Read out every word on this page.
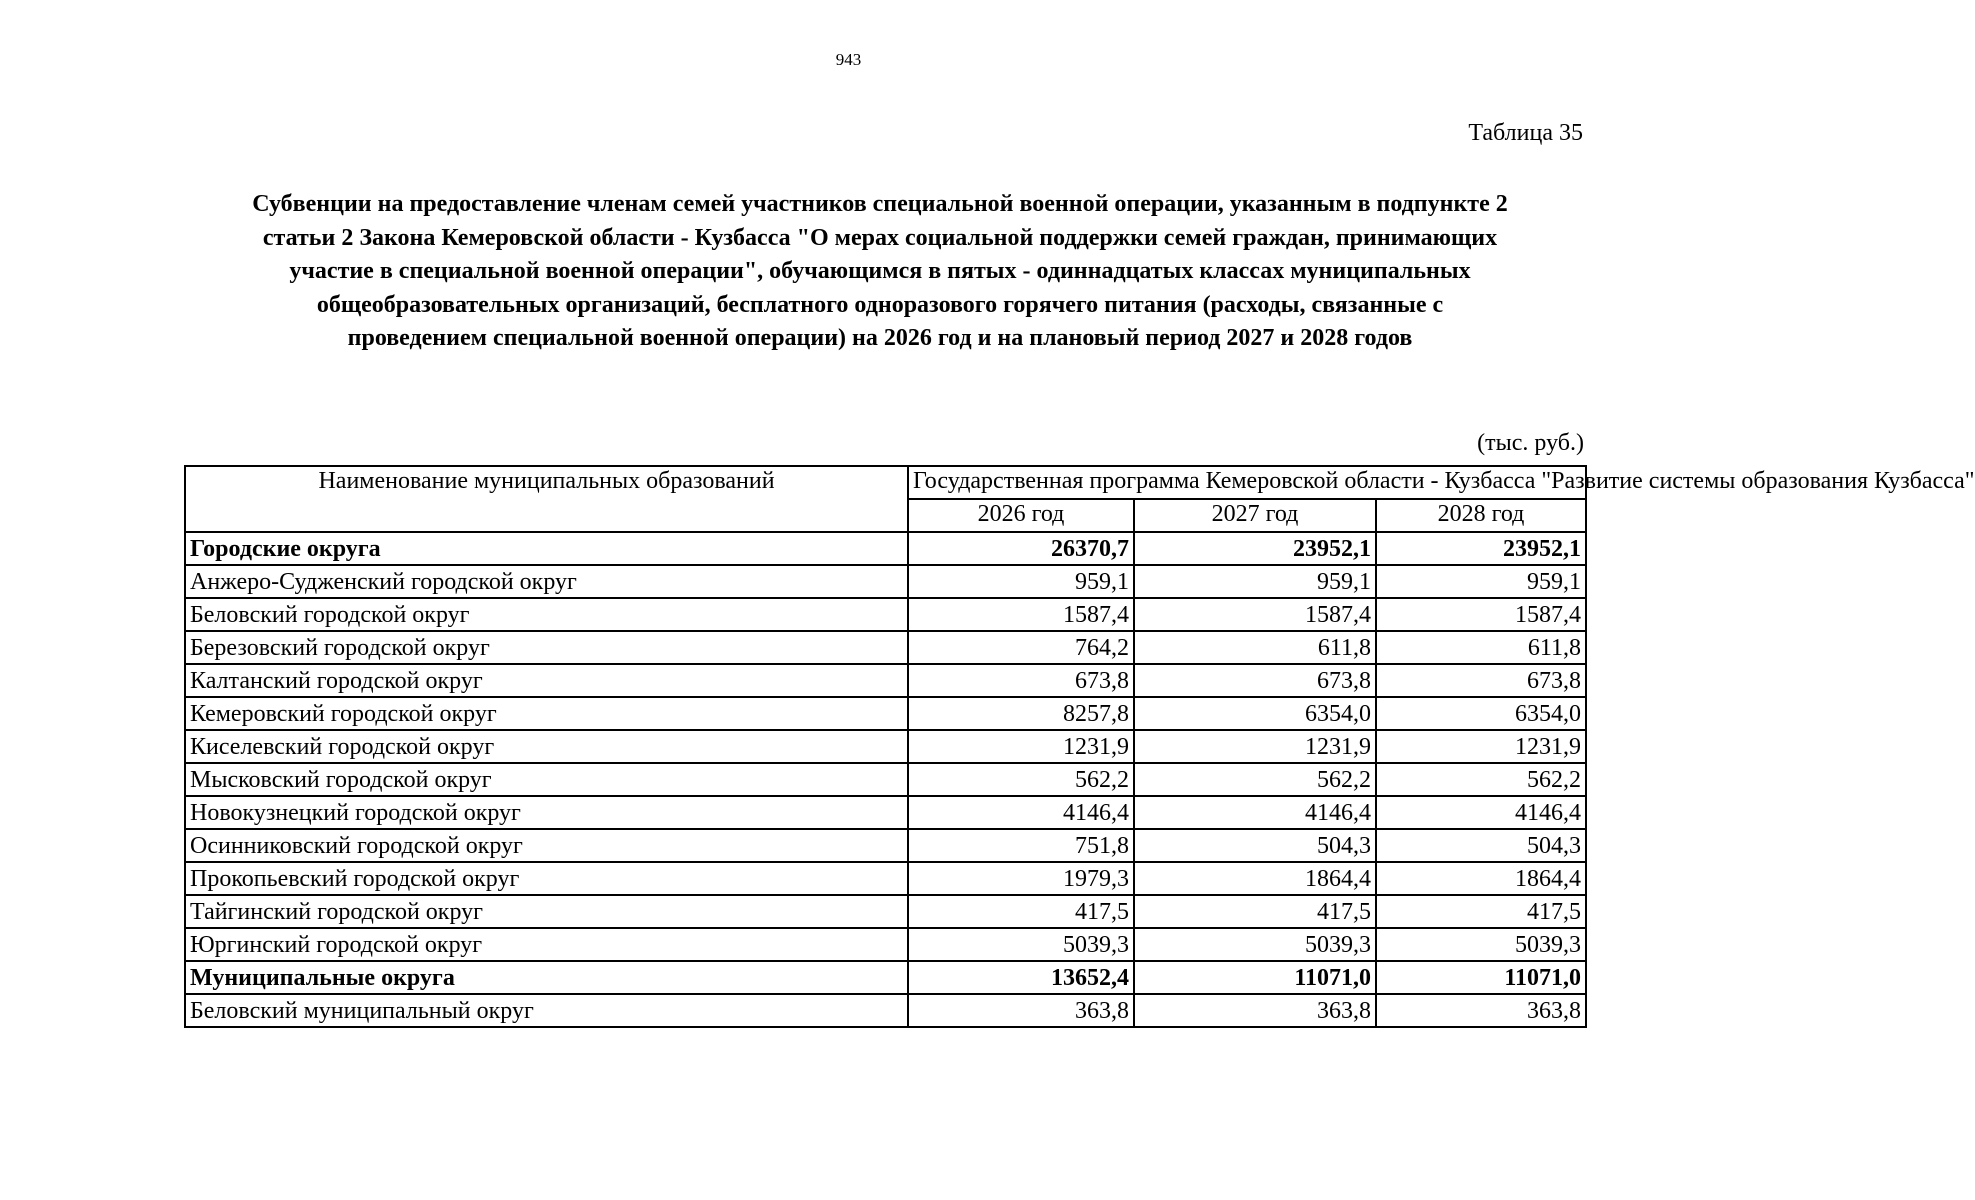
943
Таблица 35
Субвенции на предоставление членам семей участников специальной военной операции, указанным в подпункте 2
статьи 2 Закона Кемеровской области - Кузбасса "О мерах социальной поддержки семей граждан, принимающих
участие в специальной военной операции", обучающимся в пятых - одиннадцатых классах муниципальных
общеобразовательных организаций, бесплатного одноразового горячего питания (расходы, связанные с
проведением специальной военной операции) на 2026 год и на плановый период 2027 и 2028 годов
(тыс. руб.)
Наименование муниципальных образований	Государственная программа Кемеровской области - Кузбасса "Развитие системы образования Кузбасса"		
	2026 год	2027 год	2028 год
Городские округа	26370,7	23952,1	23952,1
Анжеро-Судженский городской округ	959,1	959,1	959,1
Беловский городской округ	1587,4	1587,4	1587,4
Березовский городской округ	764,2	611,8	611,8
Калтанский городской округ	673,8	673,8	673,8
Кемеровский городской округ	8257,8	6354,0	6354,0
Киселевский городской округ	1231,9	1231,9	1231,9
Мысковский городской округ	562,2	562,2	562,2
Новокузнецкий городской округ	4146,4	4146,4	4146,4
Осинниковский городской округ	751,8	504,3	504,3
Прокопьевский городской округ	1979,3	1864,4	1864,4
Тайгинский городской округ	417,5	417,5	417,5
Юргинский городской округ	5039,3	5039,3	5039,3
Муниципальные округа	13652,4	11071,0	11071,0
Беловский муниципальный округ	363,8	363,8	363,8
